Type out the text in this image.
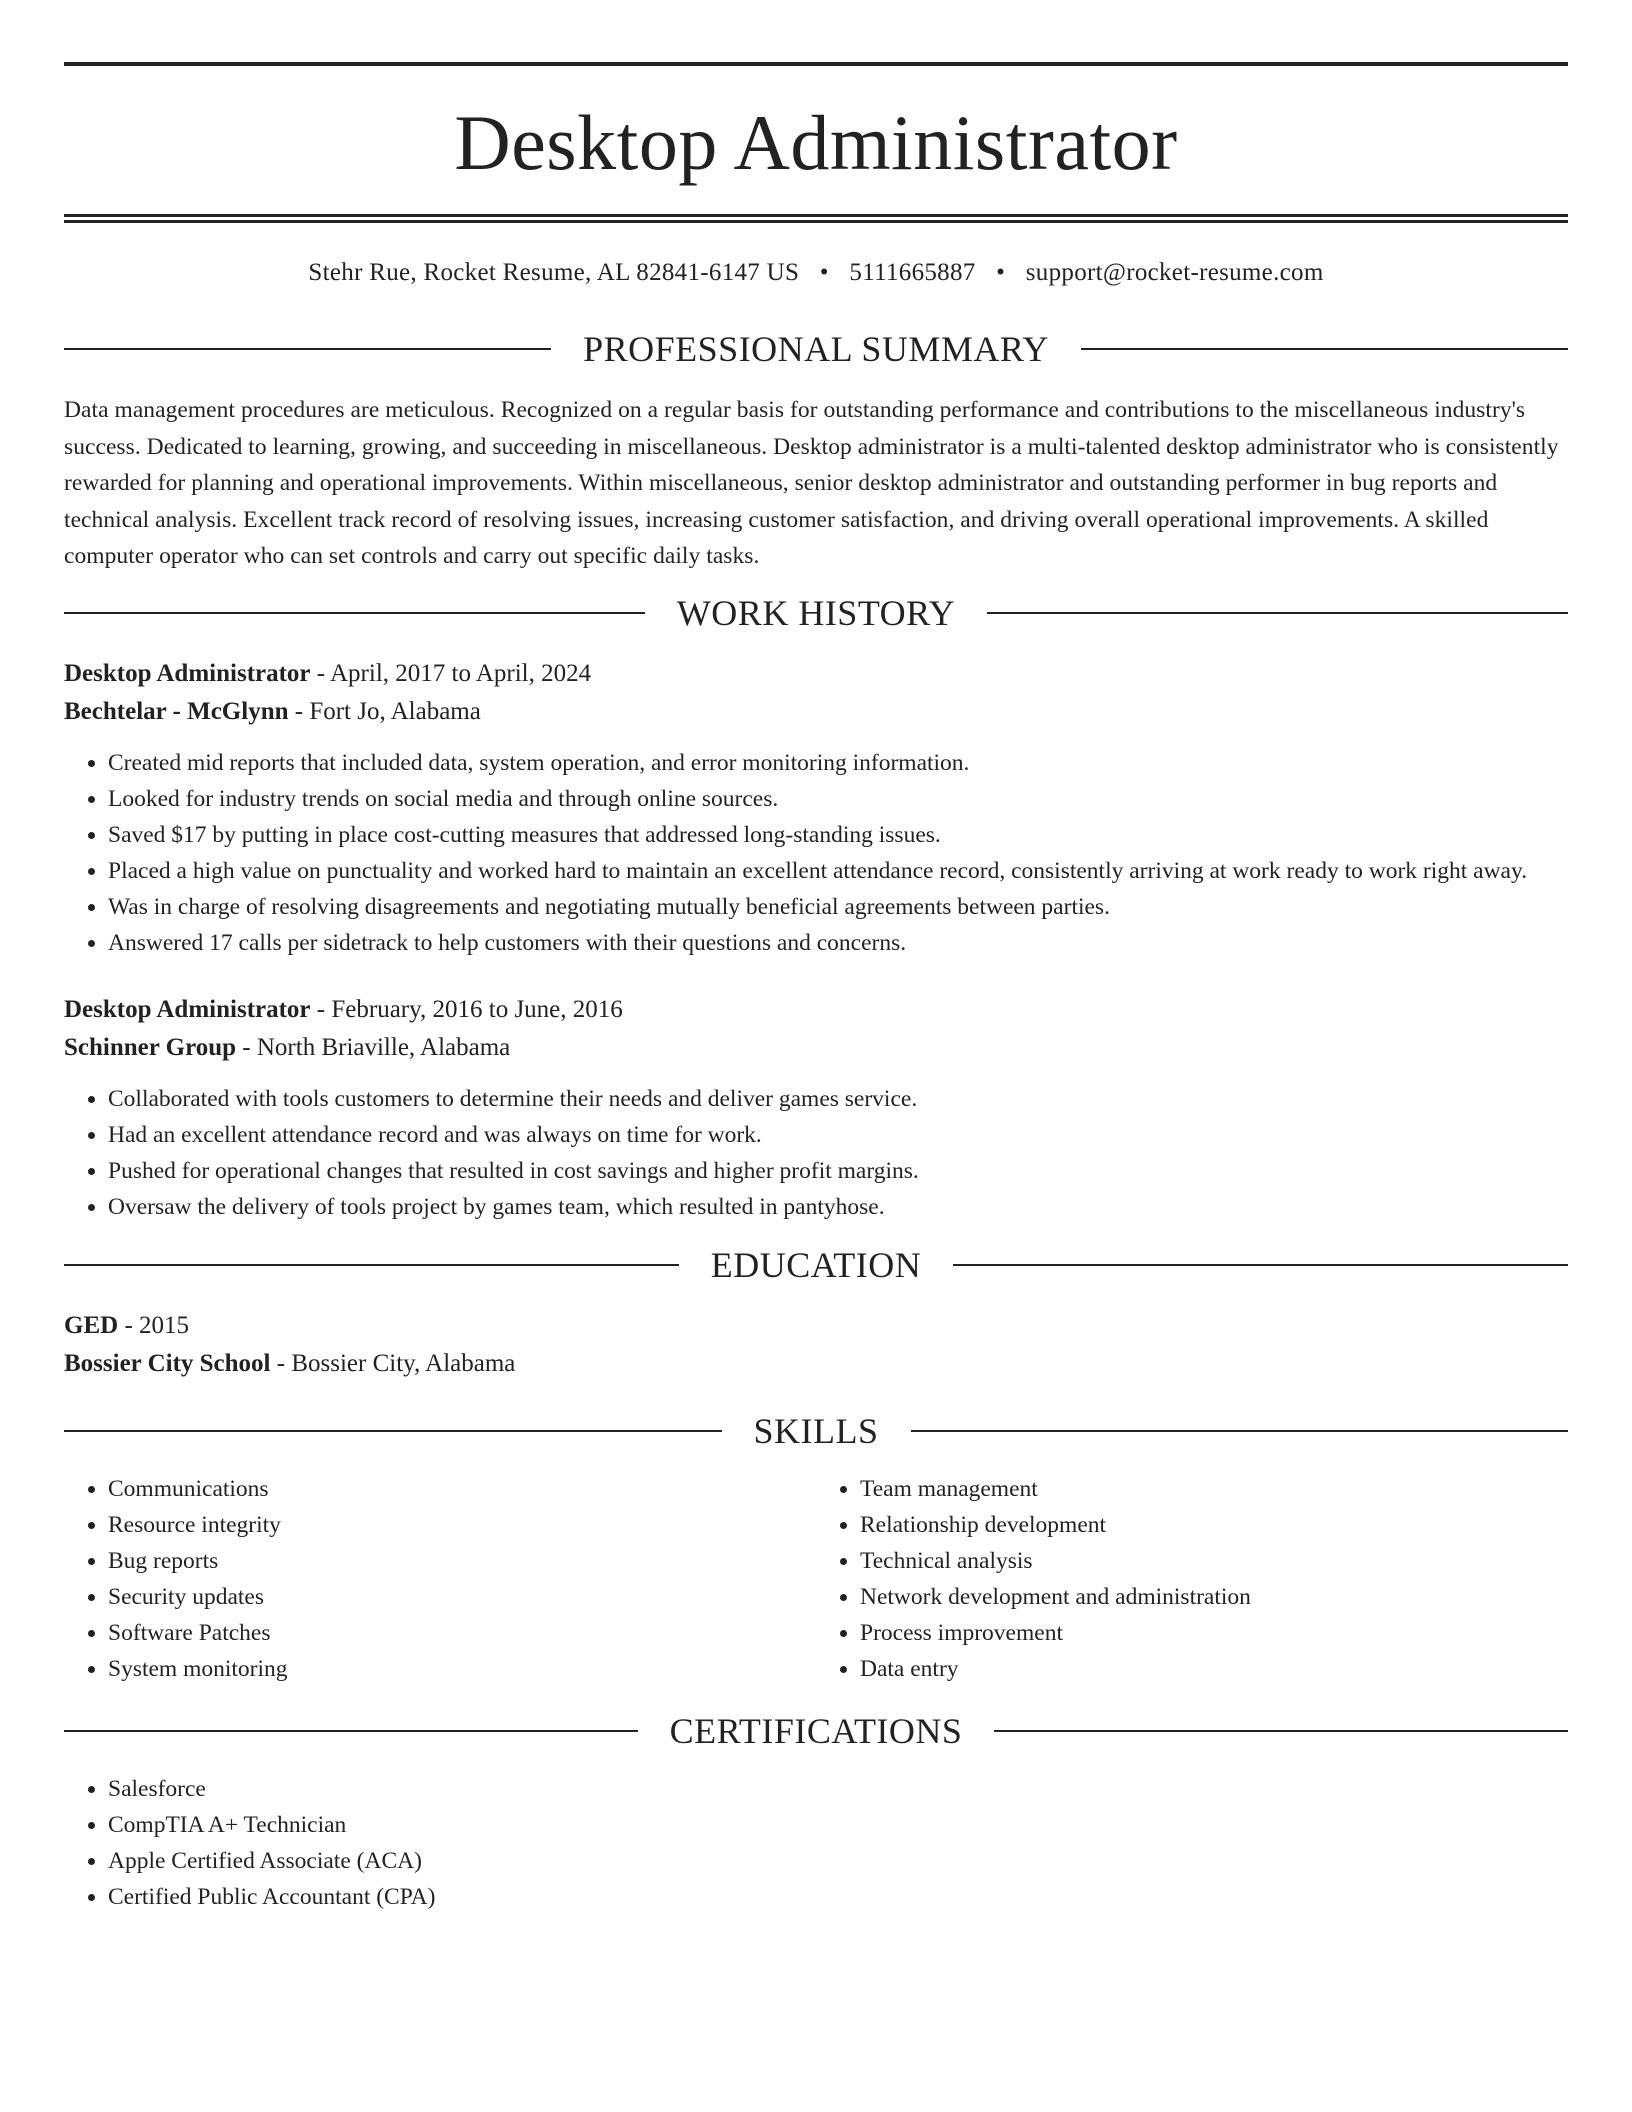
Desktop Administrator
Stehr Rue, Rocket Resume, AL 82841-6147 US • 5111665887 • support@rocket-resume.com
PROFESSIONAL SUMMARY

Data management procedures are meticulous. Recognized on a regular basis for outstanding performance and contributions to the miscellaneous industry's success. Dedicated to learning, growing, and succeeding in miscellaneous. Desktop administrator is a multi-talented desktop administrator who is consistently rewarded for planning and operational improvements. Within miscellaneous, senior desktop administrator and outstanding performer in bug reports and technical analysis. Excellent track record of resolving issues, increasing customer satisfaction, and driving overall operational improvements. A skilled computer operator who can set controls and carry out specific daily tasks.

WORK HISTORY
Desktop Administrator - April, 2017 to April, 2024
Bechtelar - McGlynn - Fort Jo, Alabama
• Created mid reports that included data, system operation, and error monitoring information.
• Looked for industry trends on social media and through online sources.
• Saved $17 by putting in place cost-cutting measures that addressed long-standing issues.
• Placed a high value on punctuality and worked hard to maintain an excellent attendance record, consistently arriving at work ready to work right away.
• Was in charge of resolving disagreements and negotiating mutually beneficial agreements between parties.
• Answered 17 calls per sidetrack to help customers with their questions and concerns.
Desktop Administrator - February, 2016 to June, 2016
Schinner Group - North Briaville, Alabama
• Collaborated with tools customers to determine their needs and deliver games service.
• Had an excellent attendance record and was always on time for work.
• Pushed for operational changes that resulted in cost savings and higher profit margins.
• Oversaw the delivery of tools project by games team, which resulted in pantyhose.
EDUCATION
GED - 2015
Bossier City School - Bossier City, Alabama
SKILLS
• Communications
• Resource integrity
• Bug reports
• Security updates
• Software Patches
• System monitoring
• Team management
• Relationship development
• Technical analysis
• Network development and administration
• Process improvement
• Data entry
CERTIFICATIONS
• Salesforce
• CompTIA A+ Technician
• Apple Certified Associate (ACA)
• Certified Public Accountant (CPA)
